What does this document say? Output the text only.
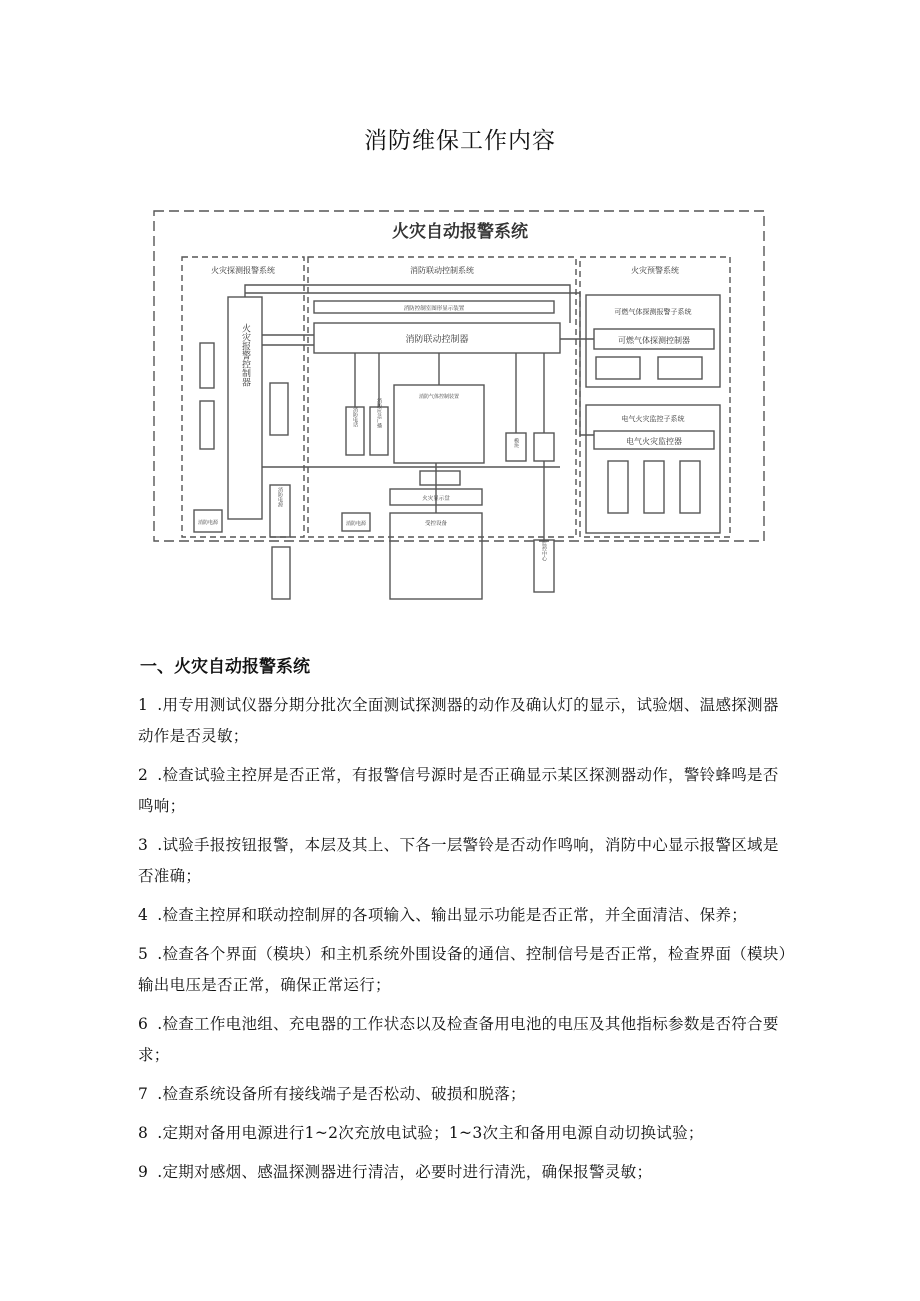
消防维保工作内容
火灾自动报警系统
火灾探测报警系统	消防联动控制系统	火灾预警系统
消防控制室图形显示装置
消防联动控制器
可燃气体探测报警子系统
可燃气体探测控制器
电气火灾监控子系统
电气火灾监控器
火灾显示盘
受控设备
消防电源	消防电源
消防气体控制装置
火灾报警控制器
消防电源
消防电话	消防应急广播
模块
监控中心
一、火灾自动报警系统
1 .用专用测试仪器分期分批次全面测试探测器的动作及确认灯的显示，试验烟、温感探测器动作是否灵敏；
2 .检查试验主控屏是否正常，有报警信号源时是否正确显示某区探测器动作，警铃蜂鸣是否鸣响；
3 .试验手报按钮报警，本层及其上、下各一层警铃是否动作鸣响，消防中心显示报警区域是否准确；
4 .检查主控屏和联动控制屏的各项输入、输出显示功能是否正常，并全面清洁、保养；
5 .检查各个界面（模块）和主机系统外围设备的通信、控制信号是否正常，检查界面（模块）输出电压是否正常，确保正常运行；
6 .检查工作电池组、充电器的工作状态以及检查备用电池的电压及其他指标参数是否符合要求；
7 .检查系统设备所有接线端子是否松动、破损和脱落；
8 .定期对备用电源进行1~2次充放电试验；1~3次主和备用电源自动切换试验；
9 .定期对感烟、感温探测器进行清洁，必要时进行清洗，确保报警灵敏；
